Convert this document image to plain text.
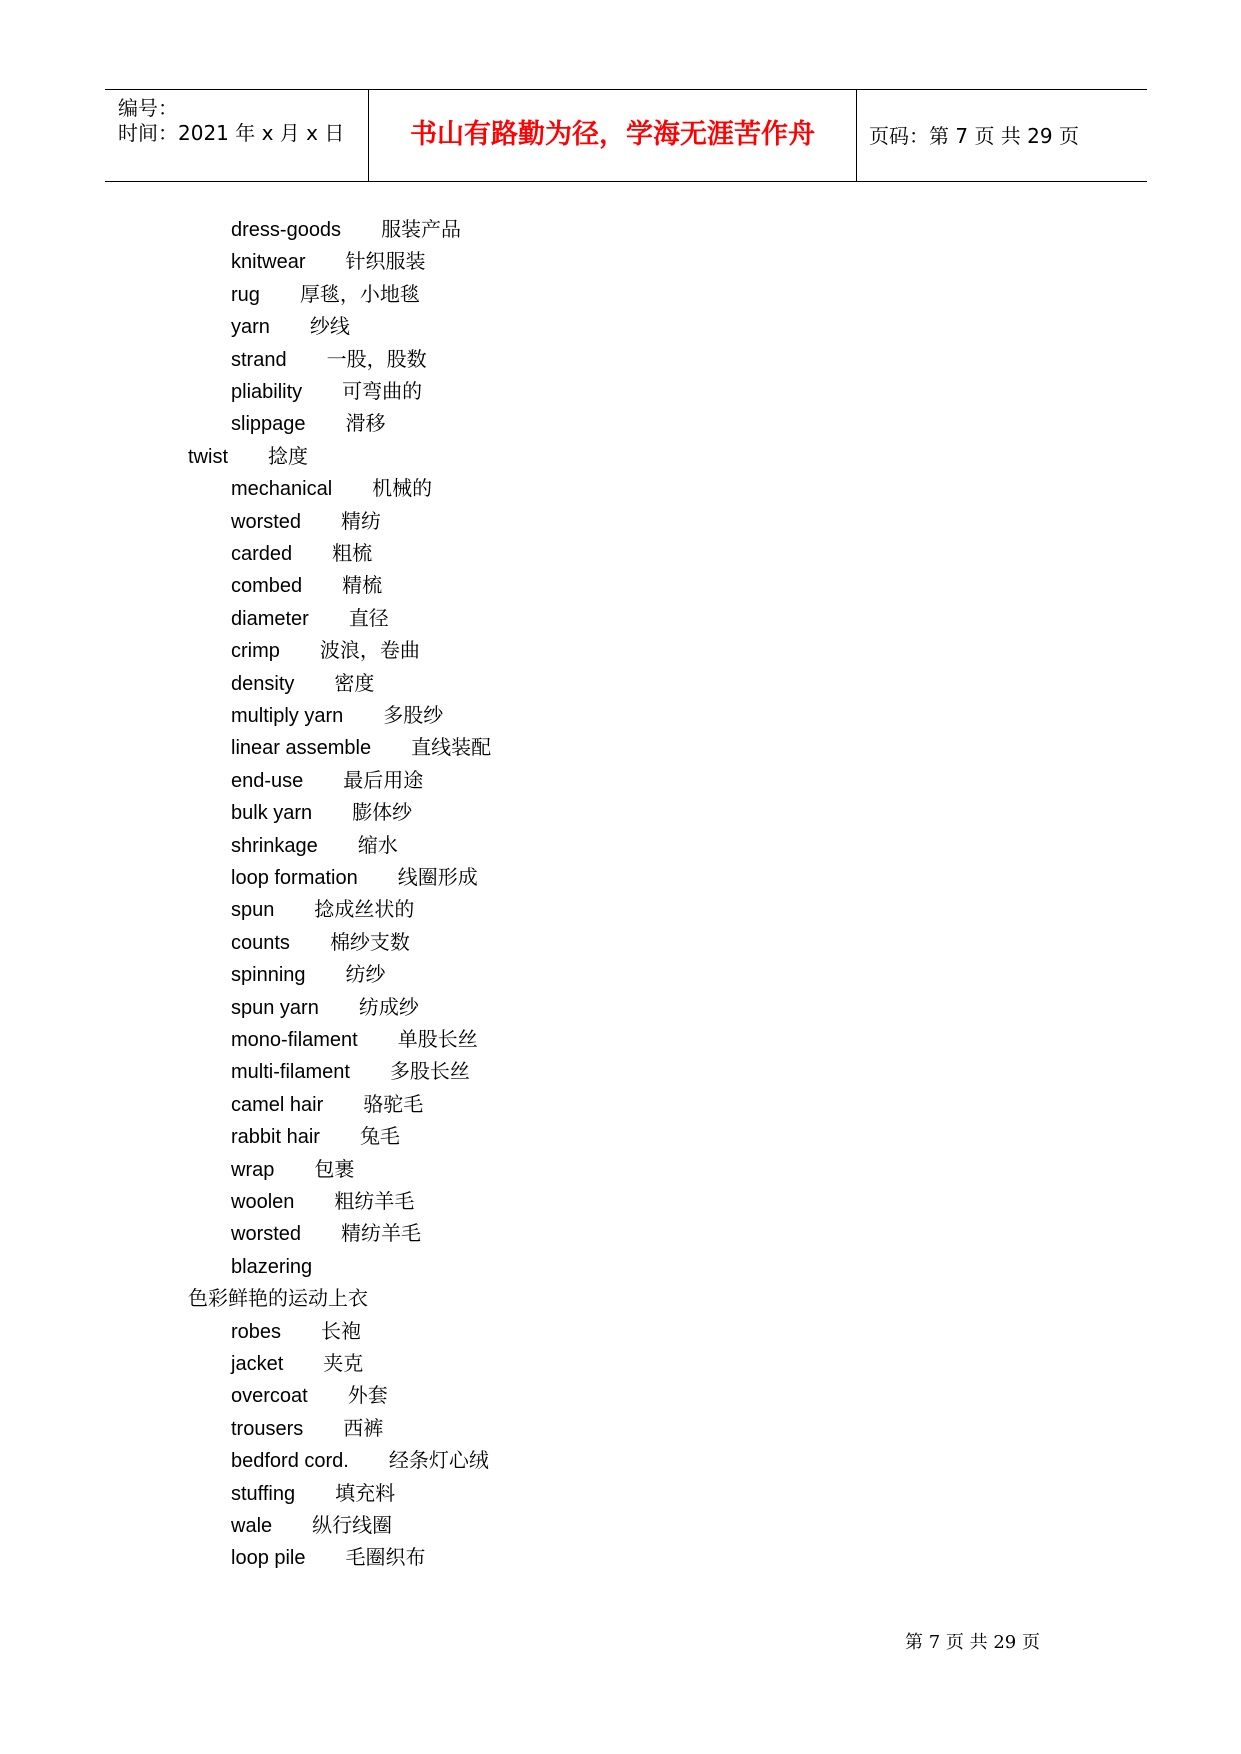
编号：
时间：2021 年 x 月 x 日	书山有路勤为径，学海无涯苦作舟	页码：第 7 页 共 29 页
dress-goods 服装产品
knitwear 针织服装
rug 厚毯，小地毯
yarn 纱线
strand 一股，股数
pliability 可弯曲的
slippage 滑移
twist 捻度
mechanical 机械的
worsted 精纺
carded 粗梳
combed 精梳
diameter 直径
crimp 波浪，卷曲
density 密度
multiply yarn 多股纱
linear assemble 直线装配
end-use 最后用途
bulk yarn 膨体纱
shrinkage 缩水
loop formation 线圈形成
spun 捻成丝状的
counts 棉纱支数
spinning 纺纱
spun yarn 纺成纱
mono-filament 单股长丝
multi-filament 多股长丝
camel hair 骆驼毛
rabbit hair 兔毛
wrap 包裹
woolen 粗纺羊毛
worsted 精纺羊毛
blazering
色彩鲜艳的运动上衣
robes 长袍
jacket 夹克
overcoat 外套
trousers 西裤
bedford cord. 经条灯心绒
stuffing 填充料
wale 纵行线圈
loop pile 毛圈织布
第 7 页 共 29 页
